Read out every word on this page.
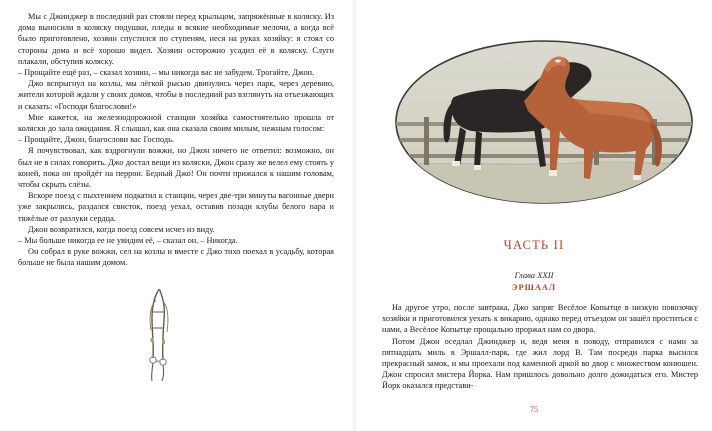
Мы с Джинджер в последний раз стояли перед крыльцом, запряжённые в коляску. Из дома выносили в коляску подушки, пледы и всякие необходимые мелочи, а когда всё было приготовлено, хозяин спустился по ступеням, неся на руках хозяйку: я стоял со стороны дома и всё хорошо видел. Хозяин осторожно усадил её в коляску. Слуги плакали, обступив коляску.

– Прощайте ещё раз, – сказал хозяин, – мы никогда вас не забудем. Трогайте, Джон.

Джо вспрыгнул на козлы, мы лёгкой рысью двинулись через парк, через деревню, жители которой ждали у своих домов, чтобы в последний раз взглянуть на отъезжающих и сказать: «Господи благослови!»

Мне кажется, на железнодорожной станции хозяйка самостоятельно прошла от коляски до зала ожидания. Я слышал, как она сказала своим милым, нежным голосом:

– Прощайте, Джон, благослови вас Господь.

Я почувствовал, как вздрогнули вожжи, но Джон ничего не ответил: возможно, он был не в силах говорить. Джо достал вещи из коляски, Джон сразу же велел ему стоять у коней, пока он пройдёт на перрон. Бедный Джо! Он почти прижался к нашим головам, чтобы скрыть слёзы.

Вскоре поезд с пыхтением подкатил к станции, через две-три минуты вагонные двери уже закрылись, раздался свисток, поезд уехал, оставив позади клубы белого пара и тяжёлые от разлуки сердца.

Джон возвратился, когда поезд совсем исчез из виду.

– Мы больше никогда ее не увидим её, – сказал он. – Никогда.

Он собрал в руке вожжи, сел на козлы и вместе с Джо тихо поехал в усадьбу, которая больше не была нашим домом.

ЧАСТЬ II
Глава XXII
ЭРШААЛ

На другое утро, после завтрака, Джо запряг Весёлое Копытце в низкую повозочку хозяйки и приготовился уехать к викарию, однако перед отъездом он зашёл проститься с нами, а Весёлое Копытце прощально проржал нам со двора.

Потом Джон оседлал Джинджер и, ведя меня в поводу, отправился с нами за пятнадцать миль в Эршалл-парк, где жил лорд В. Там посреди парка высился прекрасный замок, и мы проехали под каменной аркой во двор с множеством конюшен. Джон спросил мистера Йорка. Нам пришлось довольно долго дожидаться его. Мистер Йорк оказался представи-

75
